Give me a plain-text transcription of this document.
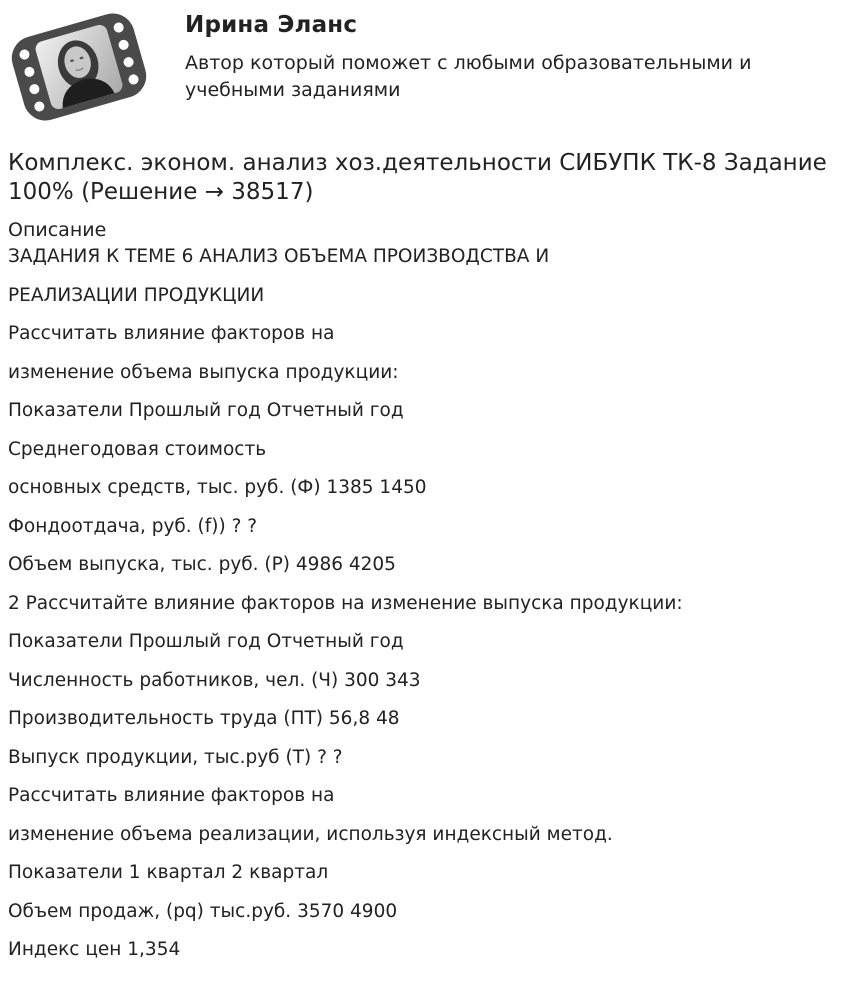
Ирина Эланс
Автор который поможет с любыми образовательными и учебными заданиями
Комплекс. эконом. анализ хоз.деятельности СИБУПК ТК-8 Задание 100% (Решение → 38517)
Описание
ЗАДАНИЯ К ТЕМЕ 6 АНАЛИЗ ОБЪЕМА ПРОИЗВОДСТВА И
РЕАЛИЗАЦИИ ПРОДУКЦИИ
Рассчитать влияние факторов на
изменение объема выпуска продукции:
Показатели Прошлый год Отчетный год
Среднегодовая стоимость
основных средств, тыс. руб. (Ф) 1385 1450
Фондоотдача, руб. (f)) ? ?
Объем выпуска, тыс. руб. (Р) 4986 4205
2 Рассчитайте влияние факторов на изменение выпуска продукции:
Показатели Прошлый год Отчетный год
Численность работников, чел. (Ч) 300 343
Производительность труда (ПТ) 56,8 48
Выпуск продукции, тыс.руб (Т) ? ?
Рассчитать влияние факторов на
изменение объема реализации, используя индексный метод.
Показатели 1 квартал 2 квартал
Объем продаж, (pq) тыс.руб. 3570 4900
Индекс цен 1,354
